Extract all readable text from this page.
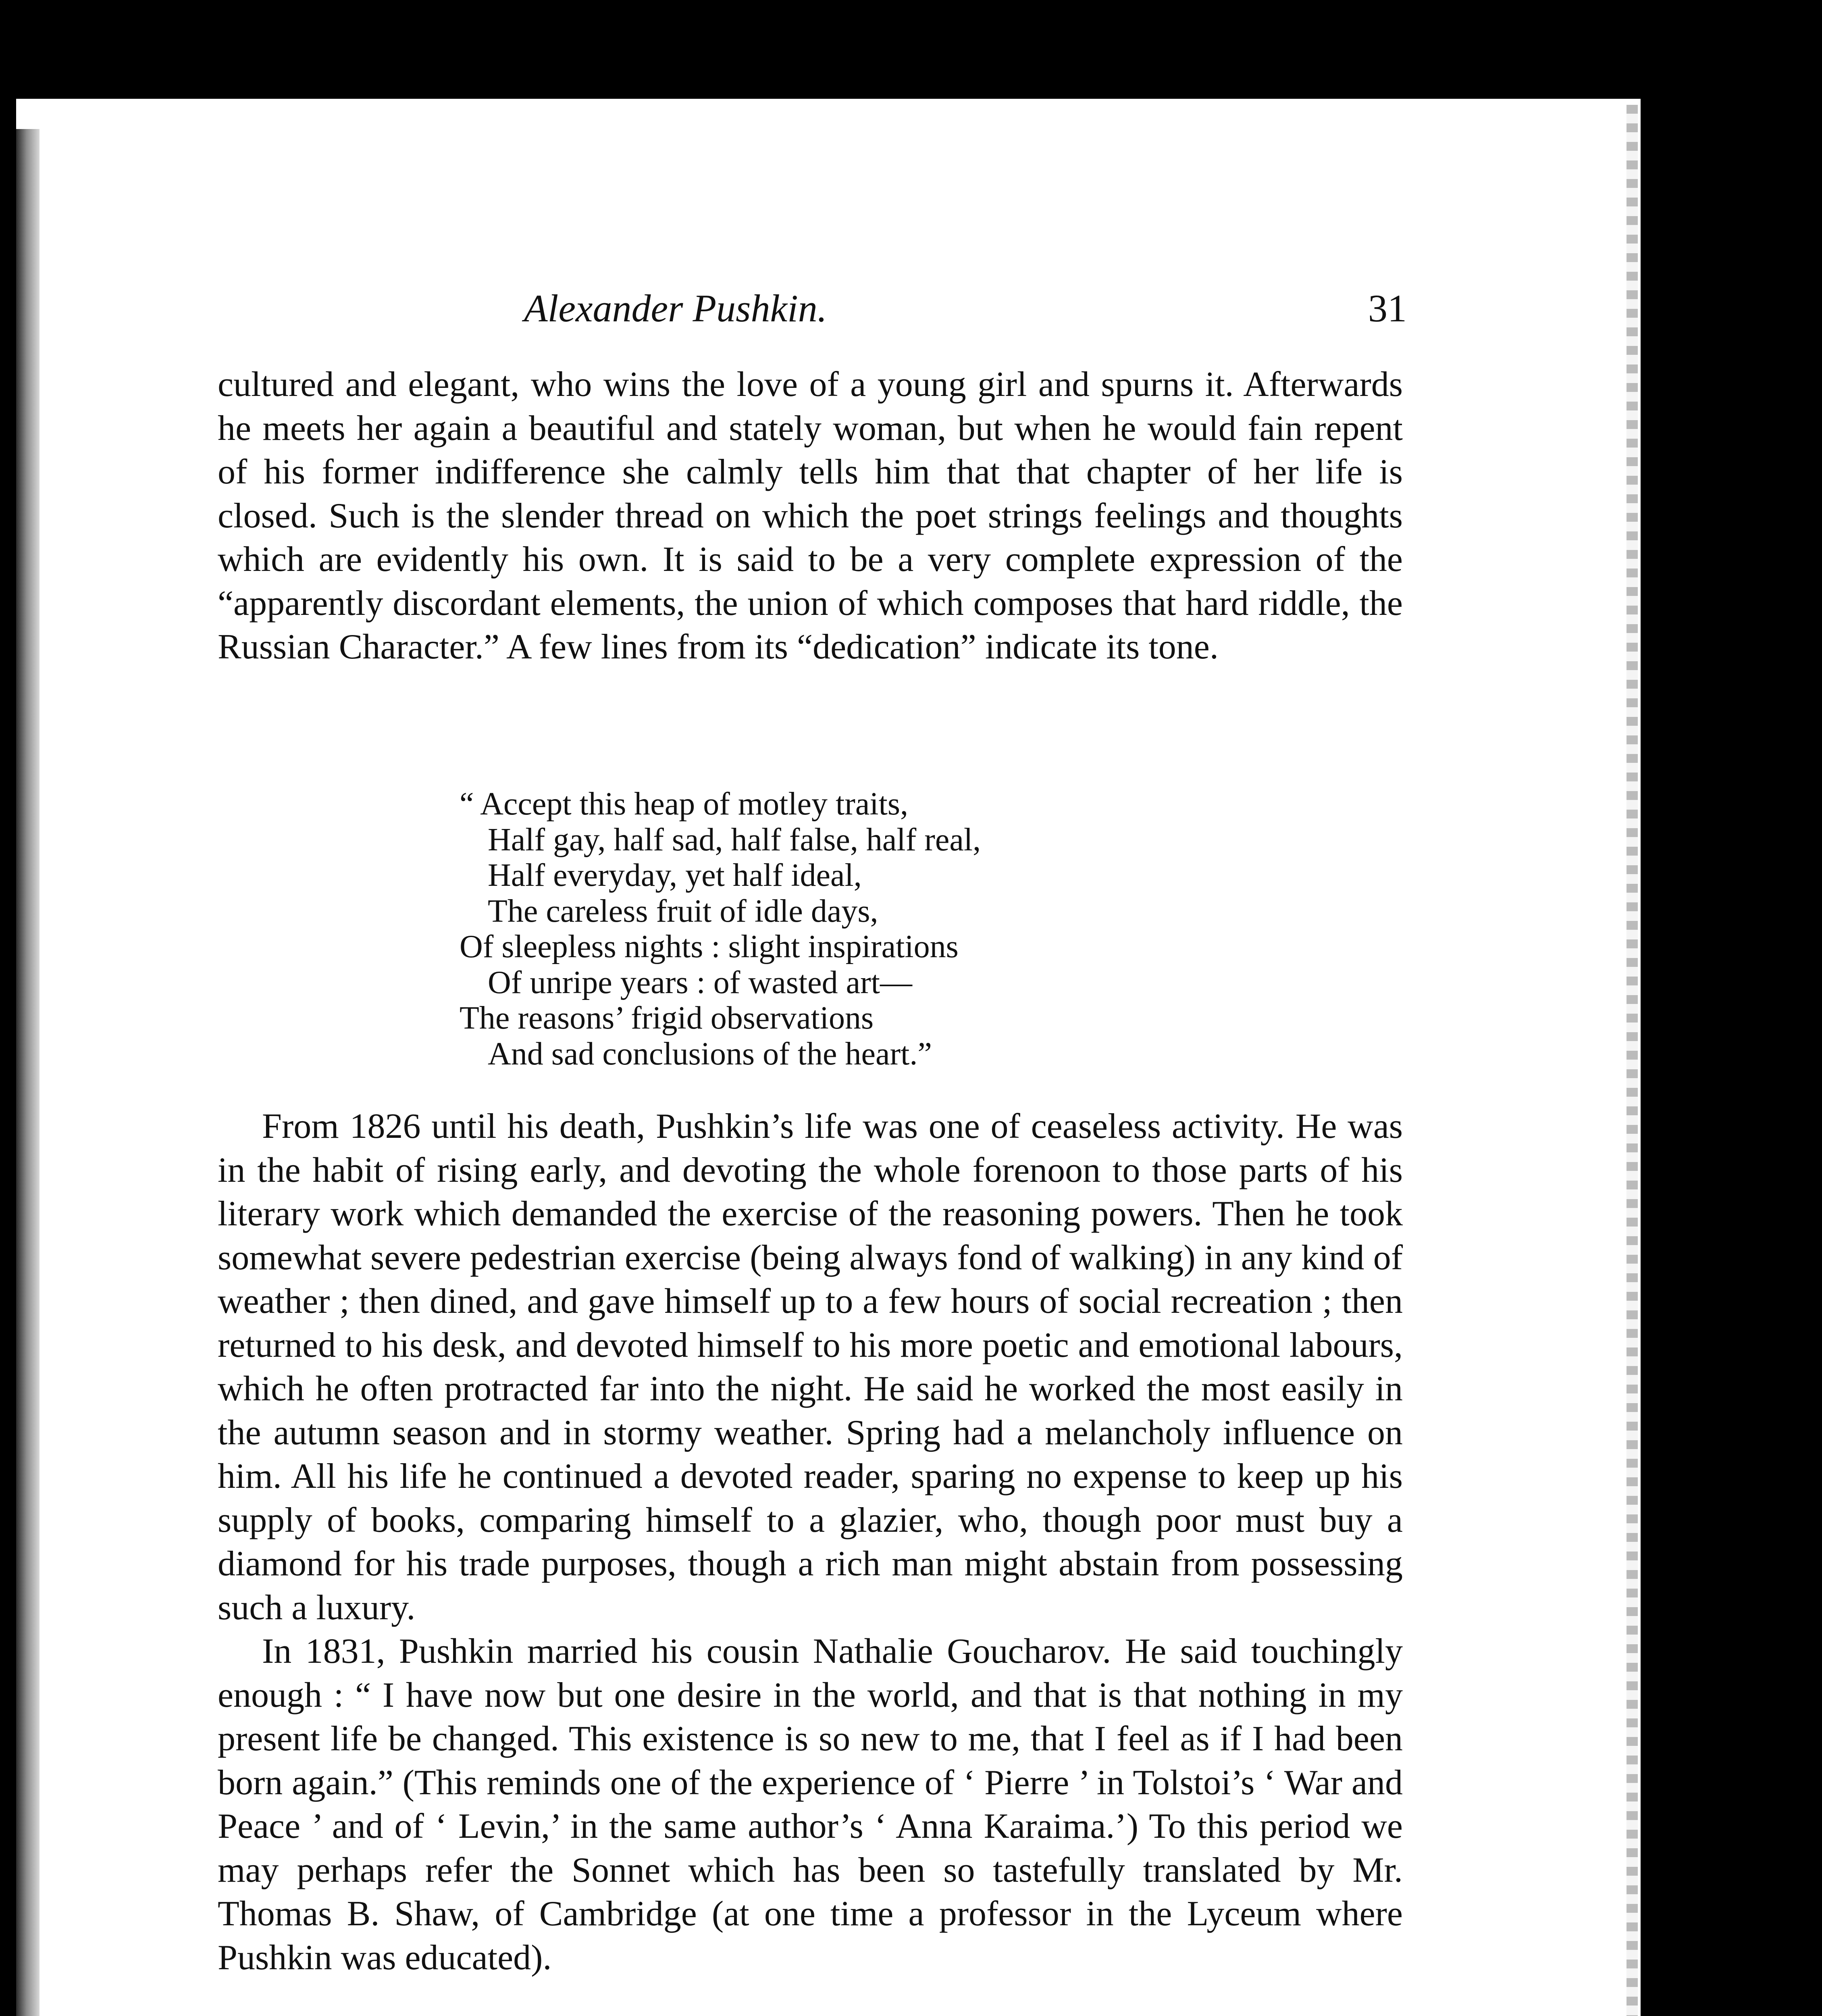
Alexander Pushkin.	31

cultured and elegant, who wins the love of a young girl and spurns it. Afterwards he meets her again a beautiful and stately woman, but when he would fain repent of his former indifference she calmly tells him that that chapter of her life is closed. Such is the slender thread on which the poet strings feelings and thoughts which are evidently his own. It is said to be a very complete expression of the “apparently discordant elements, the union of which composes that hard riddle, the Russian Character.” A few lines from its “dedication” indicate its tone.

“ Accept this heap of motley traits,
Half gay, half sad, half false, half real,
Half everyday, yet half ideal,
The careless fruit of idle days,
Of sleepless nights : slight inspirations
Of unripe years : of wasted art—
The reasons’ frigid observations
And sad conclusions of the heart.”

From 1826 until his death, Pushkin’s life was one of ceaseless activity. He was in the habit of rising early, and devoting the whole forenoon to those parts of his literary work which demanded the exercise of the reasoning powers. Then he took somewhat severe pedestrian exercise (being always fond of walking) in any kind of weather ; then dined, and gave himself up to a few hours of social recreation ; then returned to his desk, and devoted himself to his more poetic and emotional labours, which he often protracted far into the night. He said he worked the most easily in the autumn season and in stormy weather. Spring had a melancholy influence on him. All his life he continued a devoted reader, sparing no expense to keep up his supply of books, comparing himself to a glazier, who, though poor must buy a diamond for his trade purposes, though a rich man might abstain from possessing such a luxury.

In 1831, Pushkin married his cousin Nathalie Goucharov. He said touchingly enough : “ I have now but one desire in the world, and that is that nothing in my present life be changed. This existence is so new to me, that I feel as if I had been born again.” (This reminds one of the experience of ‘ Pierre ’ in Tolstoi’s ‘ War and Peace ’ and of ‘ Levin,’ in the same author’s ‘ Anna Karaima.’) To this period we may perhaps refer the Sonnet which has been so tastefully translated by Mr. Thomas B. Shaw, of Cambridge (at one time a professor in the Lyceum where Pushkin was educated).
